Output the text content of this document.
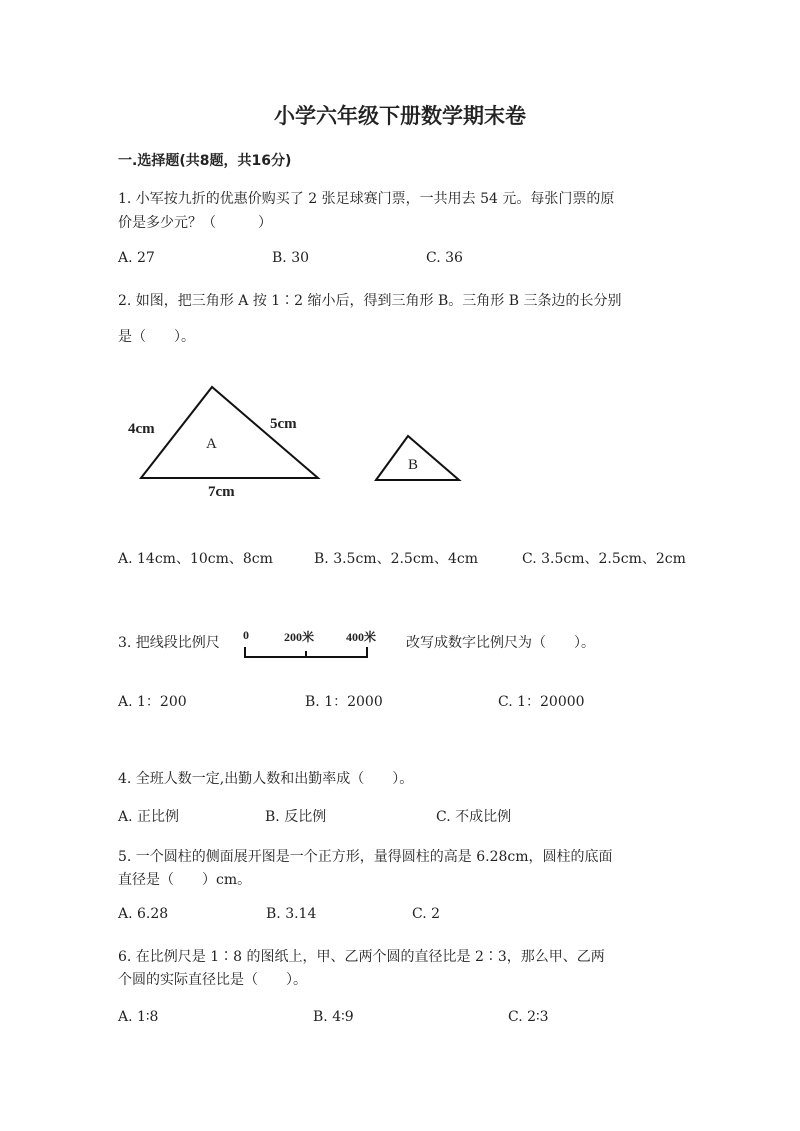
小学六年级下册数学期末卷
一.选择题(共8题，共16分)
1. 小军按九折的优惠价购买了 2 张足球赛门票，一共用去 54 元。每张门票的原
价是多少元？（　　　）
A. 27	B. 30	C. 36
2. 如图，把三角形 A 按 1∶2 缩小后，得到三角形 B。三角形 B 三条边的长分别
是（　　）。
4cm	5cm
7cm
A
B
A. 14cm、10cm、8cm	B. 3.5cm、2.5cm、4cm	C. 3.5cm、2.5cm、2cm
3. 把线段比例尺 0	200米	400米 改写成数字比例尺为（　　）。
A. 1：200	B. 1：2000	C. 1：20000
4. 全班人数一定,出勤人数和出勤率成（　　）。
A. 正比例	B. 反比例	C. 不成比例
5. 一个圆柱的侧面展开图是一个正方形，量得圆柱的高是 6.28cm，圆柱的底面
直径是（　　）cm。
A. 6.28	B. 3.14	C. 2
6. 在比例尺是 1∶8 的图纸上，甲、乙两个圆的直径比是 2∶3，那么甲、乙两
个圆的实际直径比是（　　）。
A. 1∶8	B. 4∶9	C. 2∶3
